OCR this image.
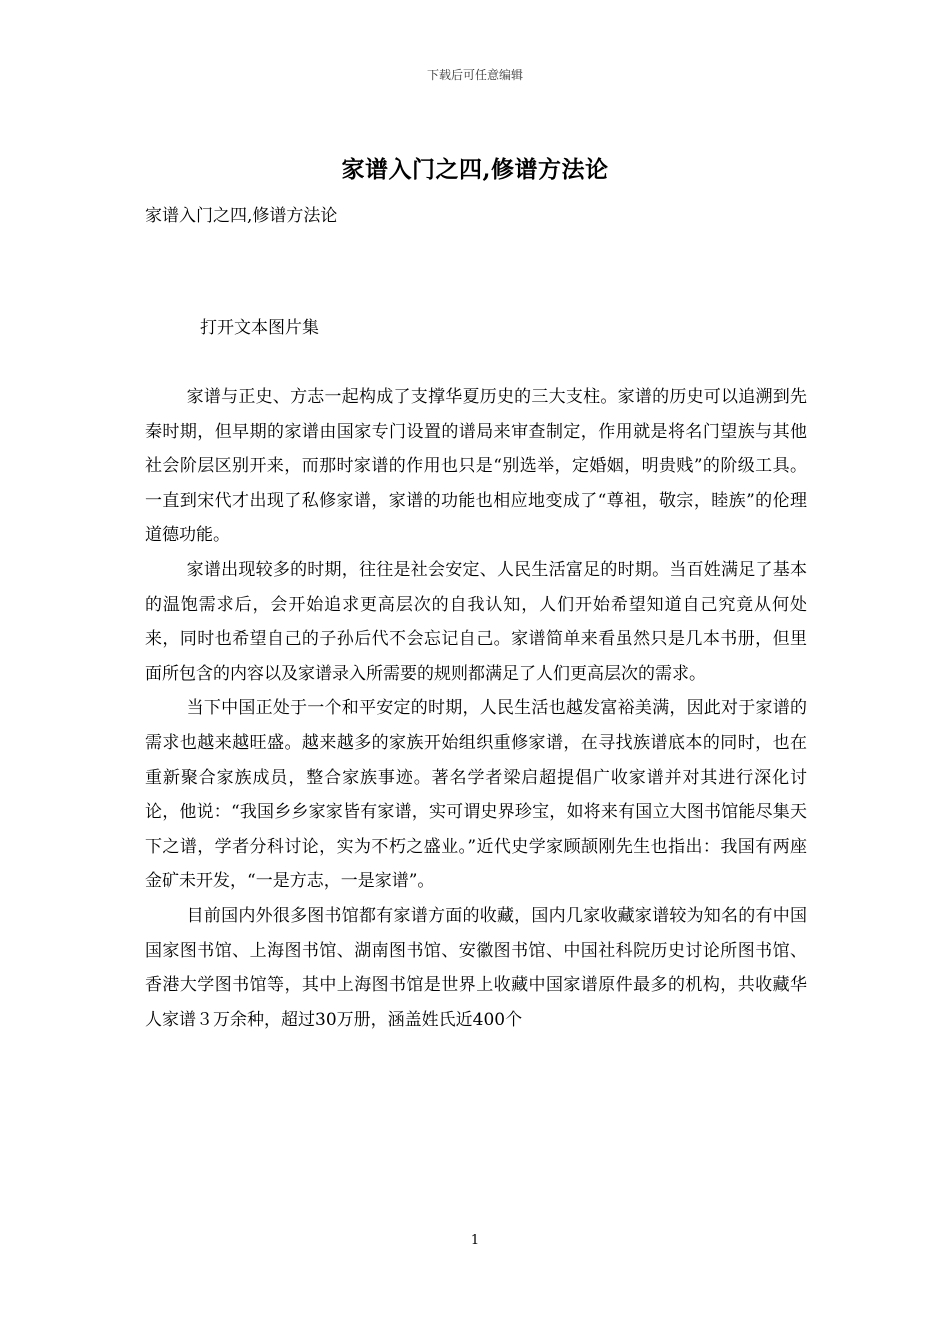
下载后可任意编辑
家谱入门之四,修谱方法论
家谱入门之四,修谱方法论
打开文本图片集

家谱与正史、方志一起构成了支撑华夏历史的三大支柱。家谱的历史可以追溯到先秦时期，但早期的家谱由国家专门设置的谱局来审查制定，作用就是将名门望族与其他社会阶层区别开来，而那时家谱的作用也只是“别选举，定婚姻，明贵贱”的阶级工具。一直到宋代才出现了私修家谱，家谱的功能也相应地变成了“尊祖，敬宗，睦族”的伦理道德功能。

家谱出现较多的时期，往往是社会安定、人民生活富足的时期。当百姓满足了基本的温饱需求后，会开始追求更高层次的自我认知，人们开始希望知道自己究竟从何处来，同时也希望自己的子孙后代不会忘记自己。家谱简单来看虽然只是几本书册，但里面所包含的内容以及家谱录入所需要的规则都满足了人们更高层次的需求。

当下中国正处于一个和平安定的时期，人民生活也越发富裕美满，因此对于家谱的需求也越来越旺盛。越来越多的家族开始组织重修家谱，在寻找族谱底本的同时，也在重新聚合家族成员，整合家族事迹。著名学者梁启超提倡广收家谱并对其进行深化讨论，他说：“我国乡乡家家皆有家谱，实可谓史界珍宝，如将来有国立大图书馆能尽集天下之谱，学者分科讨论，实为不朽之盛业。”近代史学家顾颉刚先生也指出：我国有两座金矿未开发，“一是方志，一是家谱”。

目前国内外很多图书馆都有家谱方面的收藏，国内几家收藏家谱较为知名的有中国国家图书馆、上海图书馆、湖南图书馆、安徽图书馆、中国社科院历史讨论所图书馆、香港大学图书馆等，其中上海图书馆是世界上收藏中国家谱原件最多的机构，共收藏华人家谱３万余种，超过30万册，涵盖姓氏近400个

1
